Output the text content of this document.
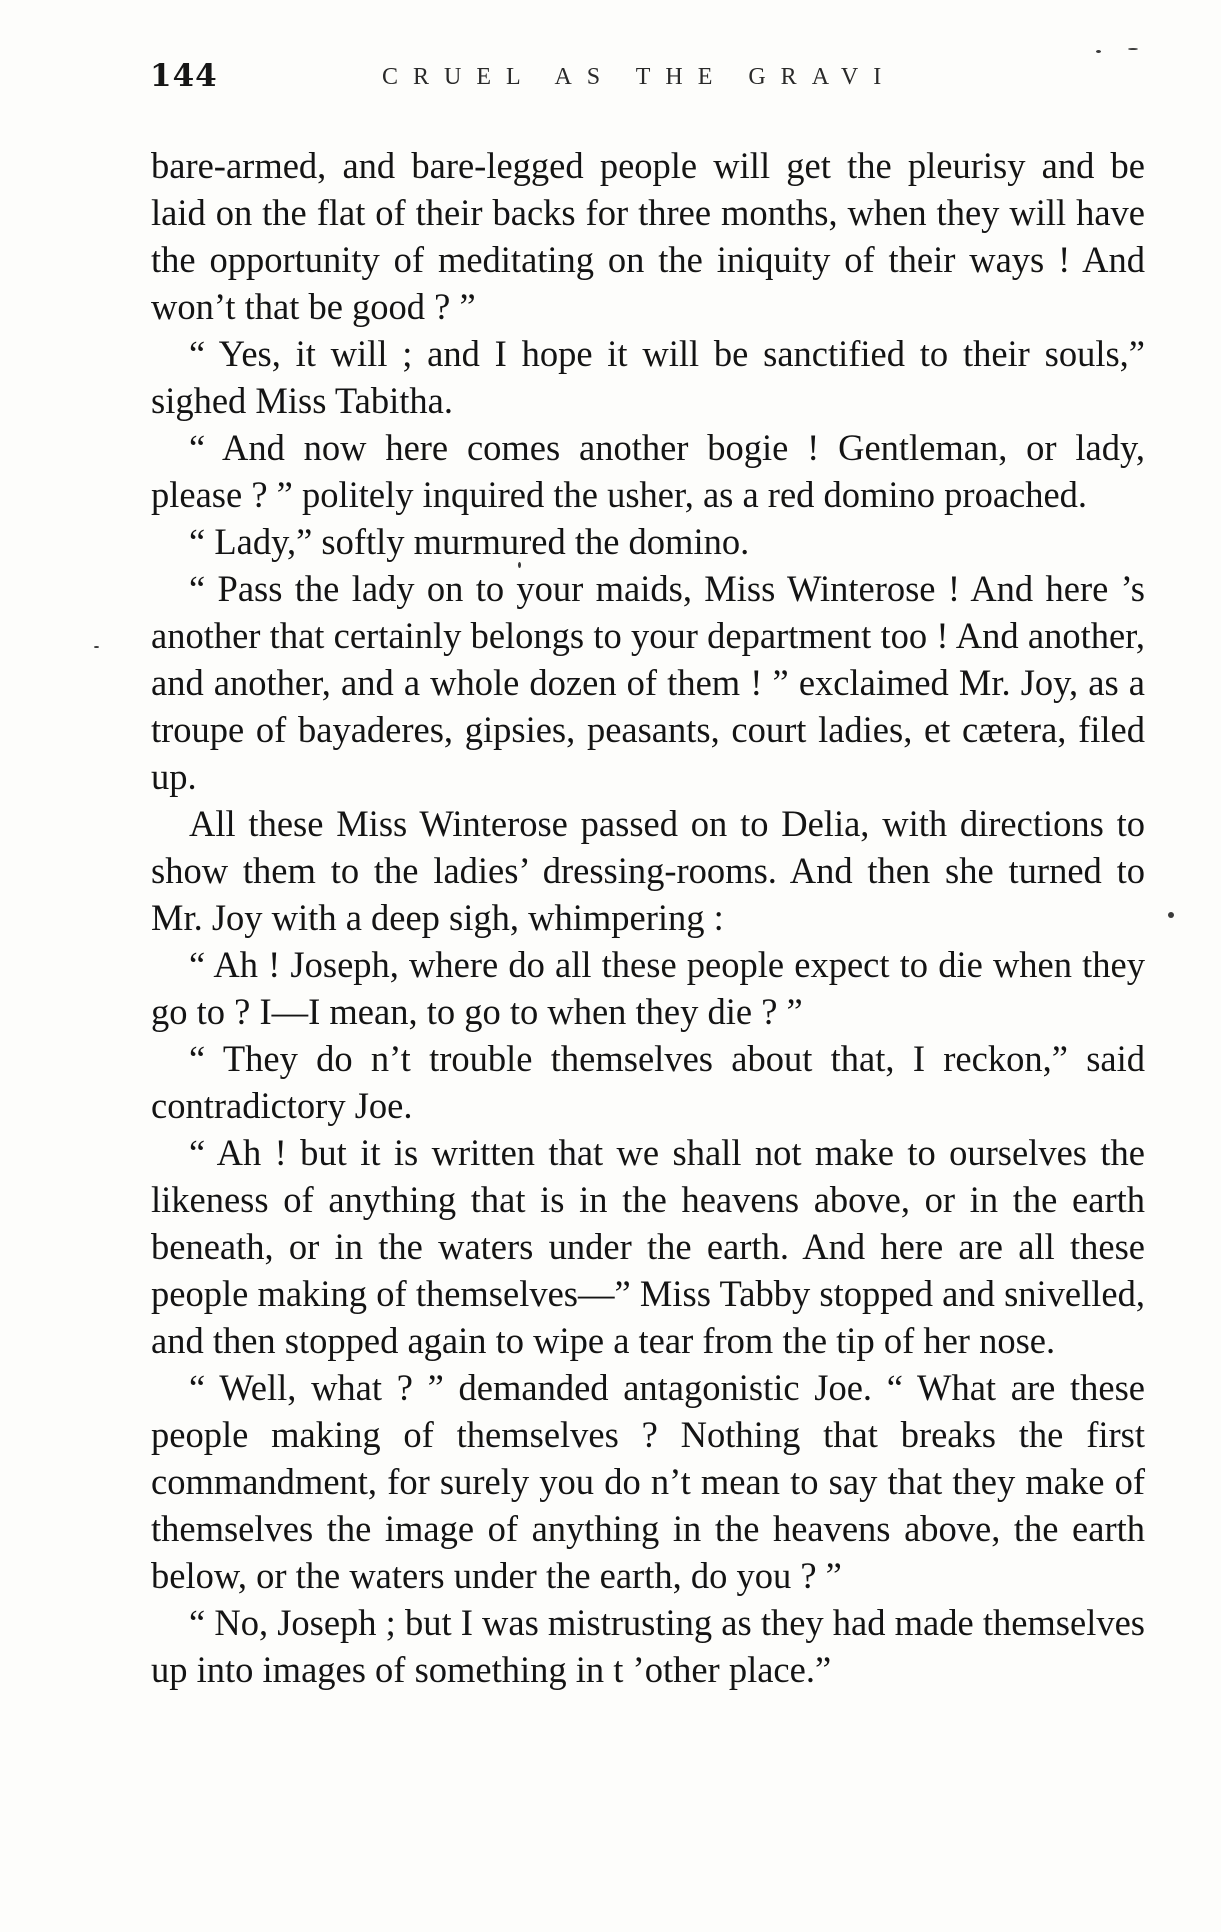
144	CRUEL AS THE GRAVI

bare-armed, and bare-legged people will get the pleurisy and be laid on the flat of their backs for three months, when they will have the opportunity of meditating on the iniquity of their ways ! And won’t that be good ? ”

“ Yes, it will ; and I hope it will be sanctified to their souls,” sighed Miss Tabitha.

“ And now here comes another bogie ! Gentleman, or lady, please ? ” politely inquired the usher, as a red domino proached.

“ Lady,” softly murmured the domino.

“ Pass the lady on to your maids, Miss Winterose ! And here ’s another that certainly belongs to your department too ! And another, and another, and a whole dozen of them ! ” exclaimed Mr. Joy, as a troupe of bayaderes, gipsies, peasants, court ladies, et cætera, filed up.

All these Miss Winterose passed on to Delia, with directions to show them to the ladies’ dressing-rooms. And then she turned to Mr. Joy with a deep sigh, whimpering :

“ Ah ! Joseph, where do all these people expect to die when they go to ? I—I mean, to go to when they die ? ”

“ They do n’t trouble themselves about that, I reckon,” said contradictory Joe.

“ Ah ! but it is written that we shall not make to ourselves the likeness of anything that is in the heavens above, or in the earth beneath, or in the waters under the earth. And here are all these people making of themselves—” Miss Tabby stopped and snivelled, and then stopped again to wipe a tear from the tip of her nose.

“ Well, what ? ” demanded antagonistic Joe. “ What are these people making of themselves ? Nothing that breaks the first commandment, for surely you do n’t mean to say that they make of themselves the image of anything in the heavens above, the earth below, or the waters under the earth, do you ? ”

“ No, Joseph ; but I was mistrusting as they had made themselves up into images of something in t ’other place.”
